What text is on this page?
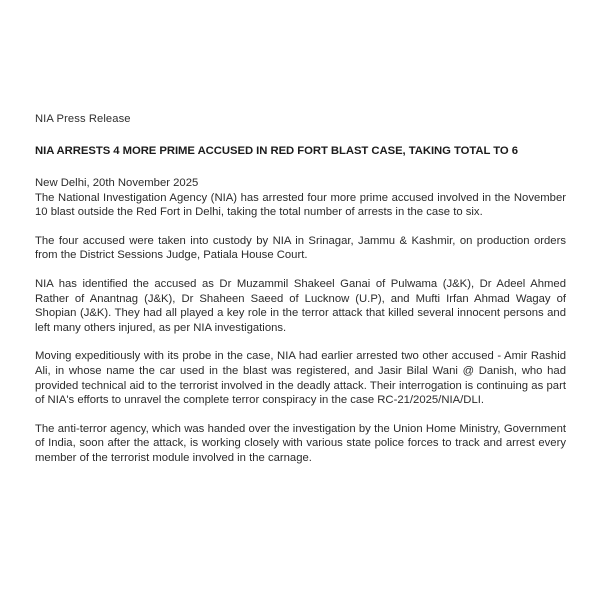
NIA Press Release
NIA ARRESTS 4 MORE PRIME ACCUSED IN RED FORT BLAST CASE, TAKING TOTAL TO 6
New Delhi, 20th November 2025

The National Investigation Agency (NIA) has arrested four more prime accused involved in the November 10 blast outside the Red Fort in Delhi, taking the total number of arrests in the case to six.

The four accused were taken into custody by NIA in Srinagar, Jammu & Kashmir, on production orders from the District Sessions Judge, Patiala House Court.

NIA has identified the accused as Dr Muzammil Shakeel Ganai of Pulwama (J&K), Dr Adeel Ahmed Rather of Anantnag (J&K), Dr Shaheen Saeed of Lucknow (U.P), and Mufti Irfan Ahmad Wagay of Shopian (J&K). They had all played a key role in the terror attack that killed several innocent persons and left many others injured, as per NIA investigations.

Moving expeditiously with its probe in the case, NIA had earlier arrested two other accused - Amir Rashid Ali, in whose name the car used in the blast was registered, and Jasir Bilal Wani @ Danish, who had provided technical aid to the terrorist involved in the deadly attack. Their interrogation is continuing as part of NIA's efforts to unravel the complete terror conspiracy in the case RC-21/2025/NIA/DLI.

The anti-terror agency, which was handed over the investigation by the Union Home Ministry, Government of India, soon after the attack, is working closely with various state police forces to track and arrest every member of the terrorist module involved in the carnage.
